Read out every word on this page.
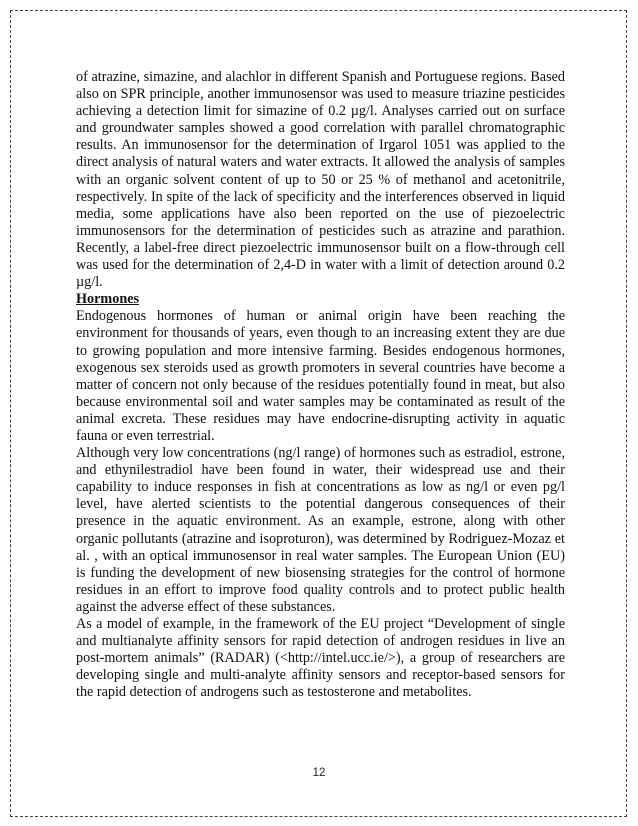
of atrazine, simazine, and alachlor in different Spanish and Portuguese regions. Based also on SPR principle, another immunosensor was used to measure triazine pesticides achieving a detection limit for simazine of 0.2 µg/l. Analyses carried out on surface and groundwater samples showed a good correlation with parallel chromatographic results. An immunosensor for the determination of Irgarol 1051 was applied to the direct analysis of natural waters and water extracts. It allowed the analysis of samples with an organic solvent content of up to 50 or 25 % of methanol and acetonitrile, respectively. In spite of the lack of specificity and the interferences observed in liquid media, some applications have also been reported on the use of piezoelectric immunosensors for the determination of pesticides such as atrazine and parathion. Recently, a label-free direct piezoelectric immunosensor built on a flow-through cell was used for the determination of 2,4-D in water with a limit of detection around 0.2 µg/l.

Hormones

Endogenous hormones of human or animal origin have been reaching the environment for thousands of years, even though to an increasing extent they are due to growing population and more intensive farming. Besides endogenous hormones, exogenous sex steroids used as growth promoters in several countries have become a matter of concern not only because of the residues potentially found in meat, but also because environmental soil and water samples may be contaminated as result of the animal excreta. These residues may have endocrine-disrupting activity in aquatic fauna or even terrestrial.

Although very low concentrations (ng/l range) of hormones such as estradiol, estrone, and ethynilestradiol have been found in water, their widespread use and their capability to induce responses in fish at concentrations as low as ng/l or even pg/l level, have alerted scientists to the potential dangerous consequences of their presence in the aquatic environment. As an example, estrone, along with other organic pollutants (atrazine and isoproturon), was determined by Rodriguez-Mozaz et al. , with an optical immunosensor in real water samples. The European Union (EU) is funding the development of new biosensing strategies for the control of hormone residues in an effort to improve food quality controls and to protect public health against the adverse effect of these substances.

As a model of example, in the framework of the EU project “Development of single and multianalyte affinity sensors for rapid detection of androgen residues in live an post-mortem animals” (RADAR) (<http://intel.ucc.ie/>), a group of researchers are developing single and multi-analyte affinity sensors and receptor-based sensors for the rapid detection of androgens such as testosterone and metabolites.

12
